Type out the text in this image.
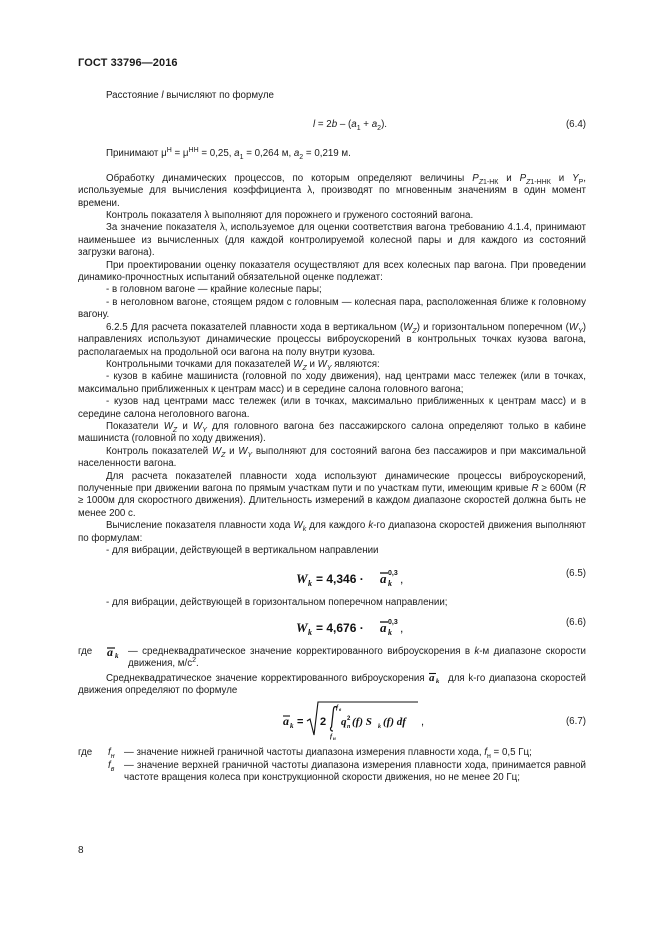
ГОСТ 33796—2016

Расстояние l вычисляют по формуле

$l = 2b - (a_1 + a_2)$.	(6.4)

Принимают $\mu^Н = \mu^{НН} = 0,25$, $a_1 = 0,264$ м, $a_2 = 0,219$ м.

Обработку динамических процессов, по которым определяют величины $P_{Z1-НК}$ и $P_{Z1-ННК}$ и $Y_Р$, используемые для вычисления коэффициента λ, производят по мгновенным значениям в один момент времени.

Контроль показателя λ выполняют для порожнего и груженого состояний вагона.

За значение показателя λ, используемое для оценки соответствия вагона требованию 4.1.4, принимают наименьшее из вычисленных (для каждой контролируемой колесной пары и для каждого из состояний загрузки вагона).

При проектировании оценку показателя осуществляют для всех колесных пар вагона. При проведении динамико-прочностных испытаний обязательной оценке подлежат:

- в головном вагоне — крайние колесные пары;

- в неголовном вагоне, стоящем рядом с головным — колесная пара, расположенная ближе к головному вагону.

6.2.5 Для расчета показателей плавности хода в вертикальном $(W_Z)$ и горизонтальном поперечном $(W_Y)$ направлениях используют динамические процессы виброускорений в контрольных точках кузова вагона, располагаемых на продольной оси вагона на полу внутри кузова.

Контрольными точками для показателей $W_Z$ и $W_Y$ являются:

- кузов в кабине машиниста (головной по ходу движения), над центрами масс тележек (или в точках, максимально приближенных к центрам масс) и в середине салона головного вагона;

- кузов над центрами масс тележек (или в точках, максимально приближенных к центрам масс) и в середине салона неголовного вагона.

Показатели $W_Z$ и $W_Y$ для головного вагона без пассажирского салона определяют только в кабине машиниста (головной по ходу движения).

Контроль показателей $W_Z$ и $W_Y$ выполняют для состояний вагона без пассажиров и при максимальной населенности вагона.

Для расчета показателей плавности хода используют динамические процессы виброускорений, полученные при движении вагона по прямым участкам пути и по участкам пути, имеющим кривые R ≥ 600м (R ≥ 1000м для скоростного движения). Длительность измерений в каждом диапазоне скоростей должна быть не менее 200 с.

Вычисление показателя плавности хода $W_k$ для каждого k-го диапазона скоростей движения выполняют по формулам:

- для вибрации, действующей в вертикальном направлении

W k = 4,346 · a k
0,3 ,	(6.5)

- для вибрации, действующей в горизонтальном поперечном направлении;

W k = 4,676 · a k
0,3 ,	(6.6)
где a k — среднеквадратическое значение корректированного виброускорения в k-м диапазоне скорости движения, $м/с^2$.

Среднеквадратическое значение корректированного виброускорения a k для k-го диапазона скоростей движения определяют по формуле

a k = 2
f в
f н
q 2
n (f) S k (f) df ,	(6.7)
где $f_н$ — значение нижней граничной частоты диапазона измерения плавности хода, $f_н = 0,5$ Гц;
$f_в$ — значение верхней граничной частоты диапазона измерения плавности хода, принимается равной частоте вращения колеса при конструкционной скорости движения, но не менее 20 Гц;
8
